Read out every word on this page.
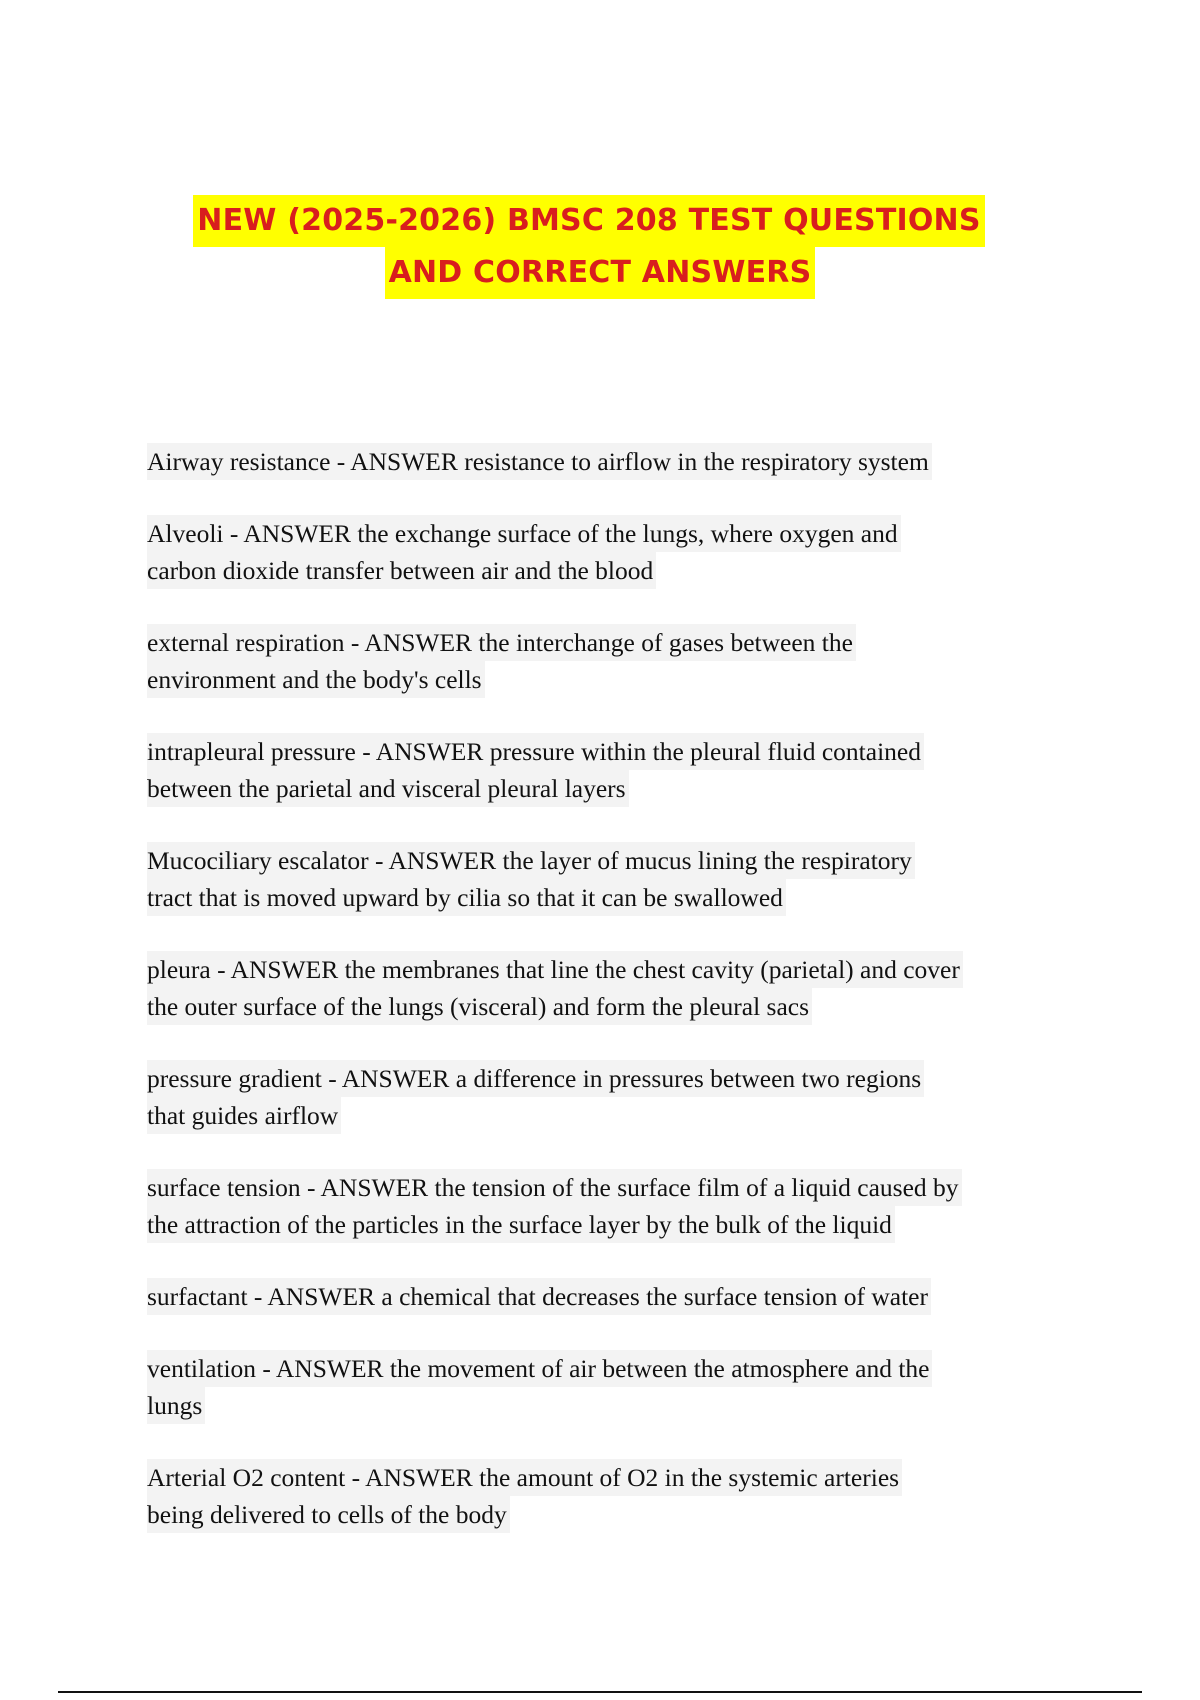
NEW (2025-2026) BMSC 208 TEST QUESTIONS
AND CORRECT ANSWERS
Airway resistance - ANSWER resistance to airflow in the respiratory system
Alveoli - ANSWER the exchange surface of the lungs, where oxygen and
carbon dioxide transfer between air and the blood
external respiration - ANSWER the interchange of gases between the
environment and the body's cells
intrapleural pressure - ANSWER pressure within the pleural fluid contained
between the parietal and visceral pleural layers
Mucociliary escalator - ANSWER the layer of mucus lining the respiratory
tract that is moved upward by cilia so that it can be swallowed
pleura - ANSWER the membranes that line the chest cavity (parietal) and cover
the outer surface of the lungs (visceral) and form the pleural sacs
pressure gradient - ANSWER a difference in pressures between two regions
that guides airflow
surface tension - ANSWER the tension of the surface film of a liquid caused by
the attraction of the particles in the surface layer by the bulk of the liquid
surfactant - ANSWER a chemical that decreases the surface tension of water
ventilation - ANSWER the movement of air between the atmosphere and the
lungs
Arterial O2 content - ANSWER the amount of O2 in the systemic arteries
being delivered to cells of the body
